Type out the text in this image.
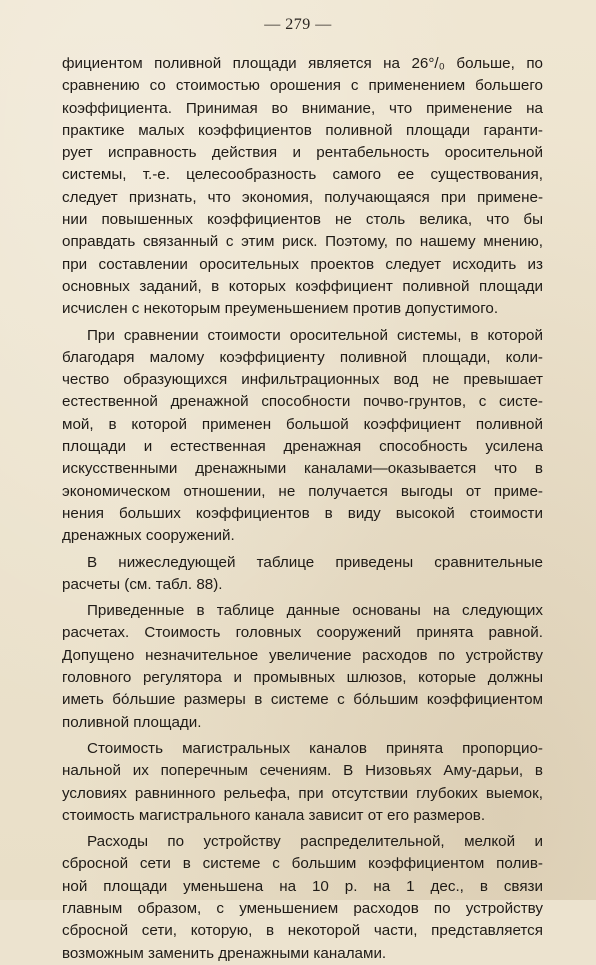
— 279 —
фициентом поливной площади является на 26°/₀ больше, по
сравнению со стоимостью орошения с применением большего
коэффициента. Принимая во внимание, что применение на
практике малых коэффициентов поливной площади гаранти-
рует исправность действия и рентабельность оросительной
системы, т.-е. целесообразность самого ее существования,
следует признать, что экономия, получающаяся при примене-
нии повышенных коэффициентов не столь велика, что бы
оправдать связанный с этим риск. Поэтому, по нашему мнению,
при составлении оросительных проектов следует исходить из
основных заданий, в которых коэффициент поливной площади
исчислен с некоторым преуменьшением против допустимого.
При сравнении стоимости оросительной системы, в которой
благодаря малому коэффициенту поливной площади, коли-
чество образующихся инфильтрационных вод не превышает
естественной дренажной способности почво-грунтов, с систе-
мой, в которой применен большой коэффициент поливной
площади и естественная дренажная способность усилена
искусственными дренажными каналами—оказывается что в
экономическом отношении, не получается выгоды от приме-
нения больших коэффициентов в виду высокой стоимости
дренажных сооружений.
В нижеследующей таблице приведены сравнительные
расчеты (см. табл. 88).
Приведенные в таблице данные основаны на следующих
расчетах. Стоимость головных сооружений принята равной.
Допущено незначительное увеличение расходов по устройству
головного регулятора и промывных шлюзов, которые должны
иметь бо́льшие размеры в системе с бо́льшим коэффициентом
поливной площади.
Стоимость магистральных каналов принята пропорцио-
нальной их поперечным сечениям. В Низовьях Аму-дарьи, в
условиях равнинного рельефа, при отсутствии глубоких выемок,
стоимость магистрального канала зависит от его размеров.
Расходы по устройству распределительной, мелкой и
сбросной сети в системе с большим коэффициентом полив-
ной площади уменьшена на 10 р. на 1 дес., в связи
главным образом, с уменьшением расходов по устройству
сбросной сети, которую, в некоторой части, представляется
возможным заменить дренажными каналами.
